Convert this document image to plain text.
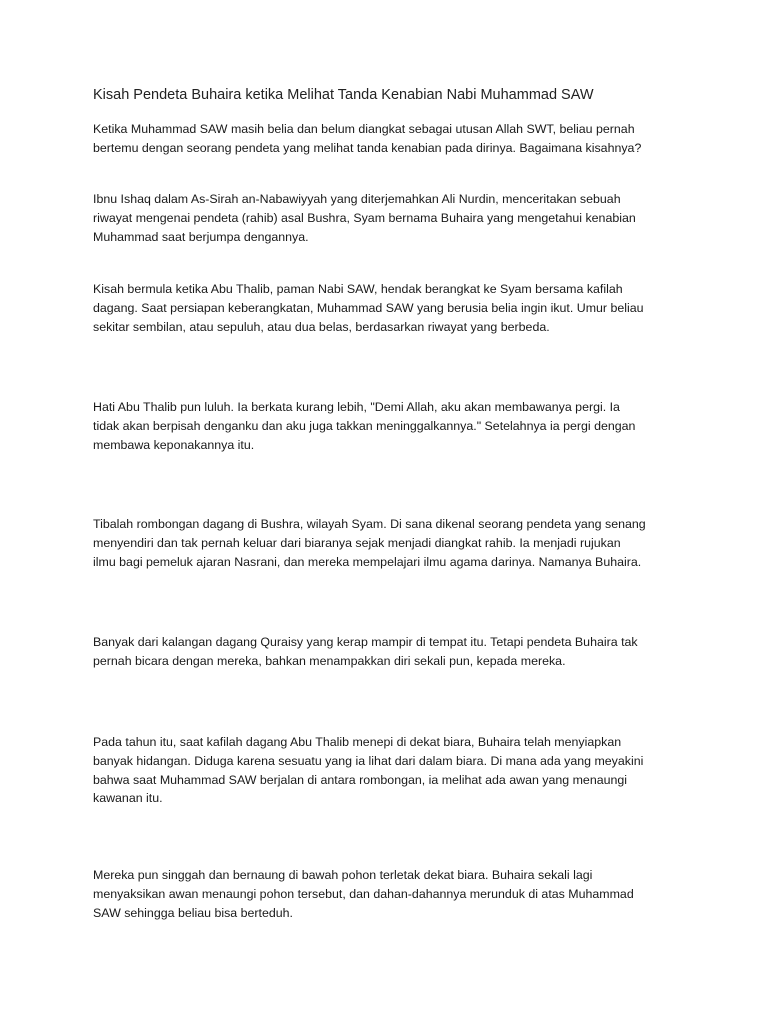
Kisah Pendeta Buhaira ketika Melihat Tanda Kenabian Nabi Muhammad SAW
Ketika Muhammad SAW masih belia dan belum diangkat sebagai utusan Allah SWT, beliau pernah
bertemu dengan seorang pendeta yang melihat tanda kenabian pada dirinya. Bagaimana kisahnya?
Ibnu Ishaq dalam As-Sirah an-Nabawiyyah yang diterjemahkan Ali Nurdin, menceritakan sebuah
riwayat mengenai pendeta (rahib) asal Bushra, Syam bernama Buhaira yang mengetahui kenabian
Muhammad saat berjumpa dengannya.
Kisah bermula ketika Abu Thalib, paman Nabi SAW, hendak berangkat ke Syam bersama kafilah
dagang. Saat persiapan keberangkatan, Muhammad SAW yang berusia belia ingin ikut. Umur beliau
sekitar sembilan, atau sepuluh, atau dua belas, berdasarkan riwayat yang berbeda.
Hati Abu Thalib pun luluh. Ia berkata kurang lebih, "Demi Allah, aku akan membawanya pergi. Ia
tidak akan berpisah denganku dan aku juga takkan meninggalkannya." Setelahnya ia pergi dengan
membawa keponakannya itu.
Tibalah rombongan dagang di Bushra, wilayah Syam. Di sana dikenal seorang pendeta yang senang
menyendiri dan tak pernah keluar dari biaranya sejak menjadi diangkat rahib. Ia menjadi rujukan
ilmu bagi pemeluk ajaran Nasrani, dan mereka mempelajari ilmu agama darinya. Namanya Buhaira.
Banyak dari kalangan dagang Quraisy yang kerap mampir di tempat itu. Tetapi pendeta Buhaira tak
pernah bicara dengan mereka, bahkan menampakkan diri sekali pun, kepada mereka.
Pada tahun itu, saat kafilah dagang Abu Thalib menepi di dekat biara, Buhaira telah menyiapkan
banyak hidangan. Diduga karena sesuatu yang ia lihat dari dalam biara. Di mana ada yang meyakini
bahwa saat Muhammad SAW berjalan di antara rombongan, ia melihat ada awan yang menaungi
kawanan itu.
Mereka pun singgah dan bernaung di bawah pohon terletak dekat biara. Buhaira sekali lagi
menyaksikan awan menaungi pohon tersebut, dan dahan-dahannya merunduk di atas Muhammad
SAW sehingga beliau bisa berteduh.
